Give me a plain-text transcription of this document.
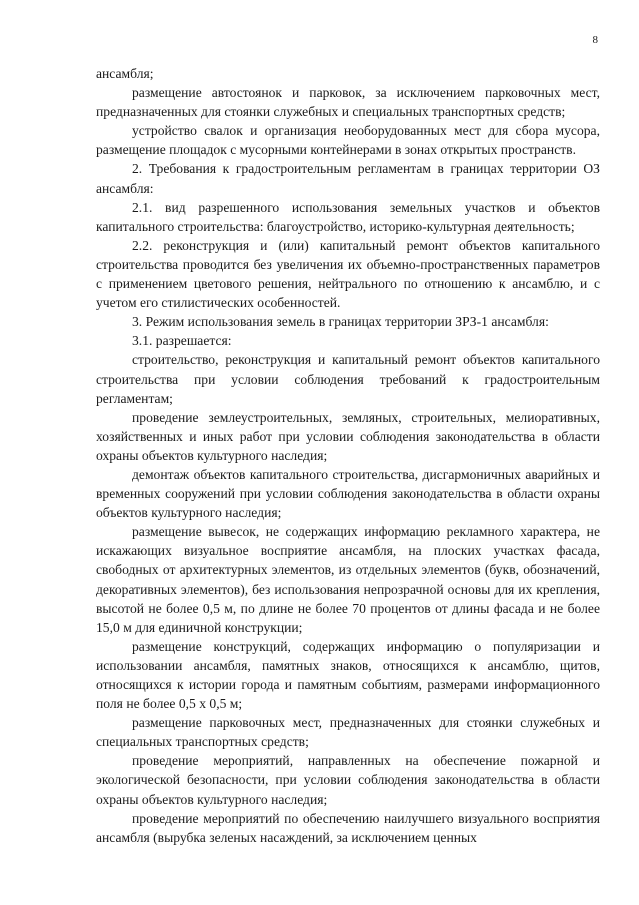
8

ансамбля;

размещение автостоянок и парковок, за исключением парковочных мест, предназначенных для стоянки служебных и специальных транспортных средств;

устройство свалок и организация необорудованных мест для сбора мусора, размещение площадок с мусорными контейнерами в зонах открытых пространств.

2. Требования к градостроительным регламентам в границах территории ОЗ ансамбля:

2.1. вид разрешенного использования земельных участков и объектов капитального строительства: благоустройство, историко-культурная деятельность;

2.2. реконструкция и (или) капитальный ремонт объектов капитального строительства проводится без увеличения их объемно-пространственных параметров с применением цветового решения, нейтрального по отношению к ансамблю, и с учетом его стилистических особенностей.

3. Режим использования земель в границах территории ЗРЗ-1 ансамбля:

3.1. разрешается:

строительство, реконструкция и капитальный ремонт объектов капитального строительства при условии соблюдения требований к градостроительным регламентам;

проведение землеустроительных, земляных, строительных, мелиоративных, хозяйственных и иных работ при условии соблюдения законодательства в области охраны объектов культурного наследия;

демонтаж объектов капитального строительства, дисгармоничных аварийных и временных сооружений при условии соблюдения законодательства в области охраны объектов культурного наследия;

размещение вывесок, не содержащих информацию рекламного характера, не искажающих визуальное восприятие ансамбля, на плоских участках фасада, свободных от архитектурных элементов, из отдельных элементов (букв, обозначений, декоративных элементов), без использования непрозрачной основы для их крепления, высотой не более 0,5 м, по длине не более 70 процентов от длины фасада и не более 15,0 м для единичной конструкции;

размещение конструкций, содержащих информацию о популяризации и использовании ансамбля, памятных знаков, относящихся к ансамблю, щитов, относящихся к истории города и памятным событиям, размерами информационного поля не более 0,5 х 0,5 м;

размещение парковочных мест, предназначенных для стоянки служебных и специальных транспортных средств;

проведение мероприятий, направленных на обеспечение пожарной и экологической безопасности, при условии соблюдения законодательства в области охраны объектов культурного наследия;

проведение мероприятий по обеспечению наилучшего визуального восприятия ансамбля (вырубка зеленых насаждений, за исключением ценных
